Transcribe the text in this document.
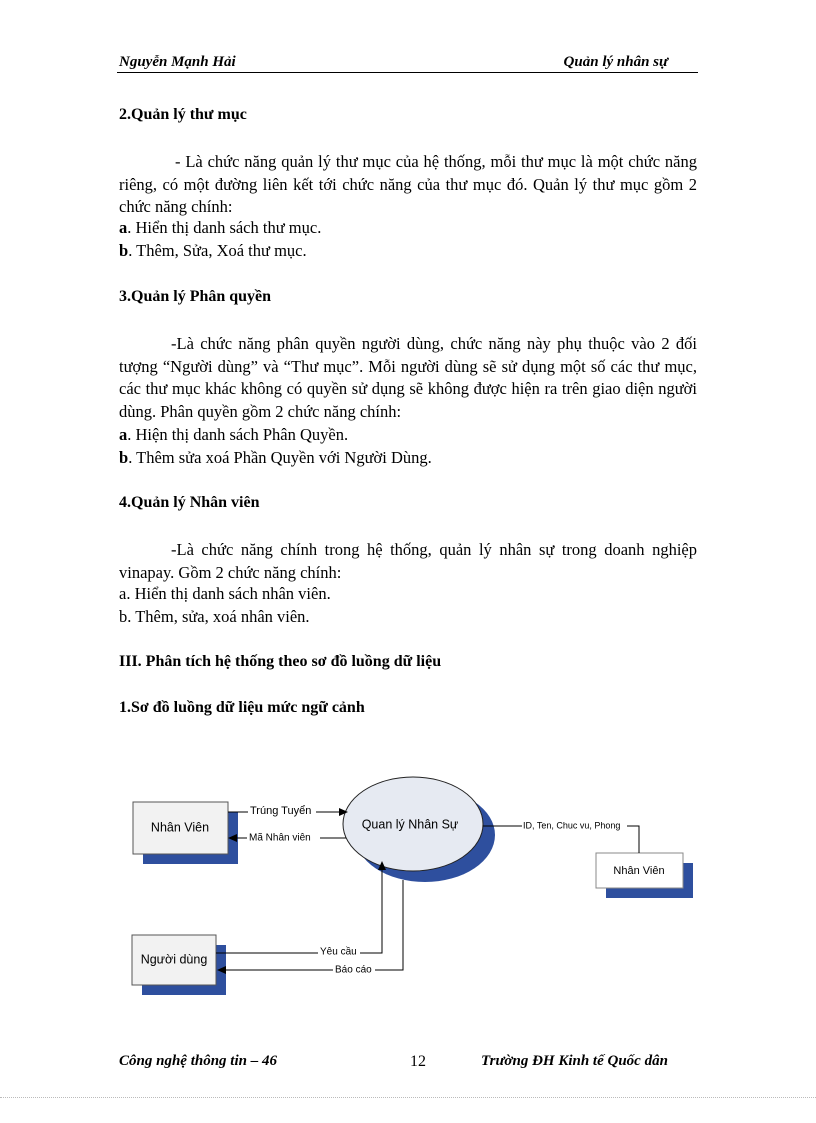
Nguyễn Mạnh Hải	Quản lý nhân sự
2.Quản lý thư mục
- Là chức năng quản lý thư mục của hệ thống, mỗi thư mục là một chức năng riêng, có một đường liên kết tới chức năng của thư mục đó. Quản lý thư mục gồm 2 chức năng chính:
a. Hiển thị danh sách thư mục.
b. Thêm, Sửa, Xoá thư mục.
3.Quản lý Phân quyền
-Là chức năng phân quyền người dùng, chức năng này phụ thuộc vào 2 đối tượng “Người dùng” và “Thư mục”. Mỗi người dùng sẽ sử dụng một số các thư mục, các thư mục khác không có quyền sử dụng sẽ không được hiện ra trên giao diện người dùng. Phân quyền gồm 2 chức năng chính:
a. Hiện thị danh sách Phân Quyền.
b. Thêm sửa xoá Phần Quyền với Người Dùng.
4.Quản lý Nhân viên
-Là chức năng chính trong hệ thống, quản lý nhân sự trong doanh nghiệp vinapay. Gồm 2 chức năng chính:
a. Hiển thị danh sách nhân viên.
b. Thêm, sửa, xoá nhân viên.
III. Phân tích hệ thống theo sơ đồ luồng dữ liệu
1.Sơ đồ luồng dữ liệu mức ngữ cảnh
Nhân Viên
Người dùng
Quan lý Nhân Sự
Nhân Viên
Trúng Tuyển
Mã Nhân viên
ID, Ten, Chuc vu, Phong
Yêu cầu
Báo cáo
Công nghệ thông tin – 46	12	Trường ĐH Kinh tế Quốc dân
